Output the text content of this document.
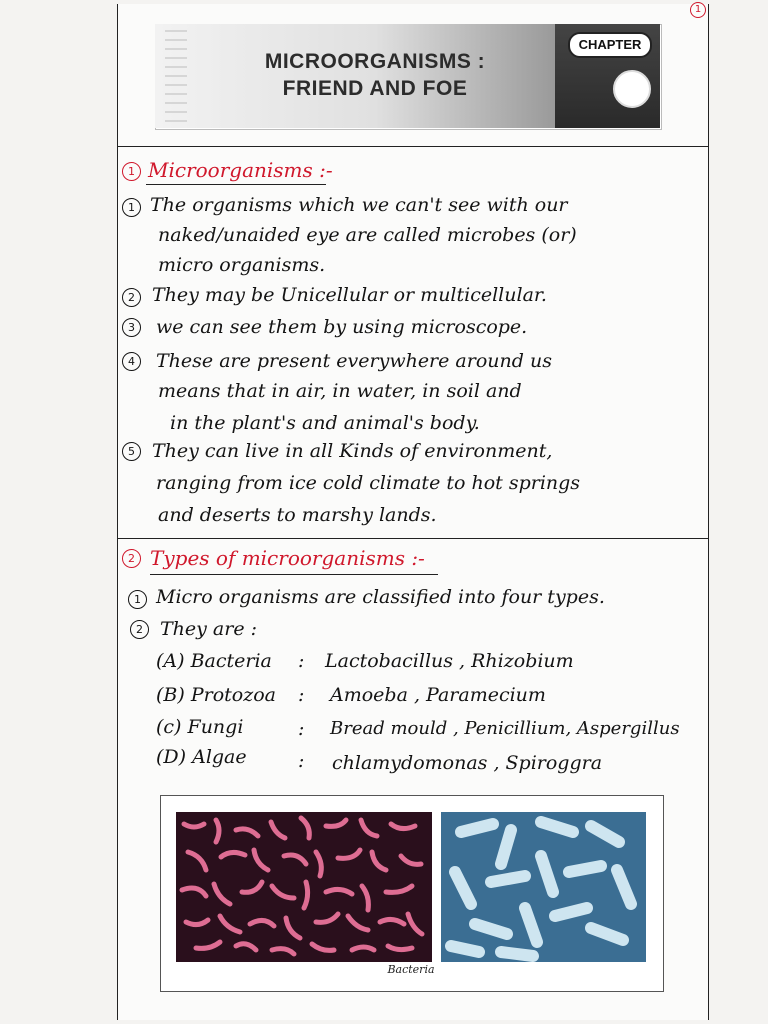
1
MICROORGANISMS :
FRIEND AND FOE
CHAPTER
1 Microorganisms :-
1 The organisms which we can't see with our
naked/unaided eye are called microbes (or)
micro organisms.
2 They may be Unicellular or multicellular.
3	we can see them by using microscope.
4	These are present everywhere around us
means that in air, in water, in soil and
in the plant's and animal's body.
5 They can live in all Kinds of environment,
ranging from ice cold climate to hot springs
and deserts to marshy lands.
2 Types of microorganisms :-
1 Micro organisms are classified into four types.
2 They are :
(A) Bacteria : Lactobacillus , Rhizobium
(B) Protozoa : Amoeba , Paramecium
(c) Fungi	: Bread mould , Penicillium, Aspergillus
(D) Algae	: chlamydomonas , Spiroggra
Bacteria
